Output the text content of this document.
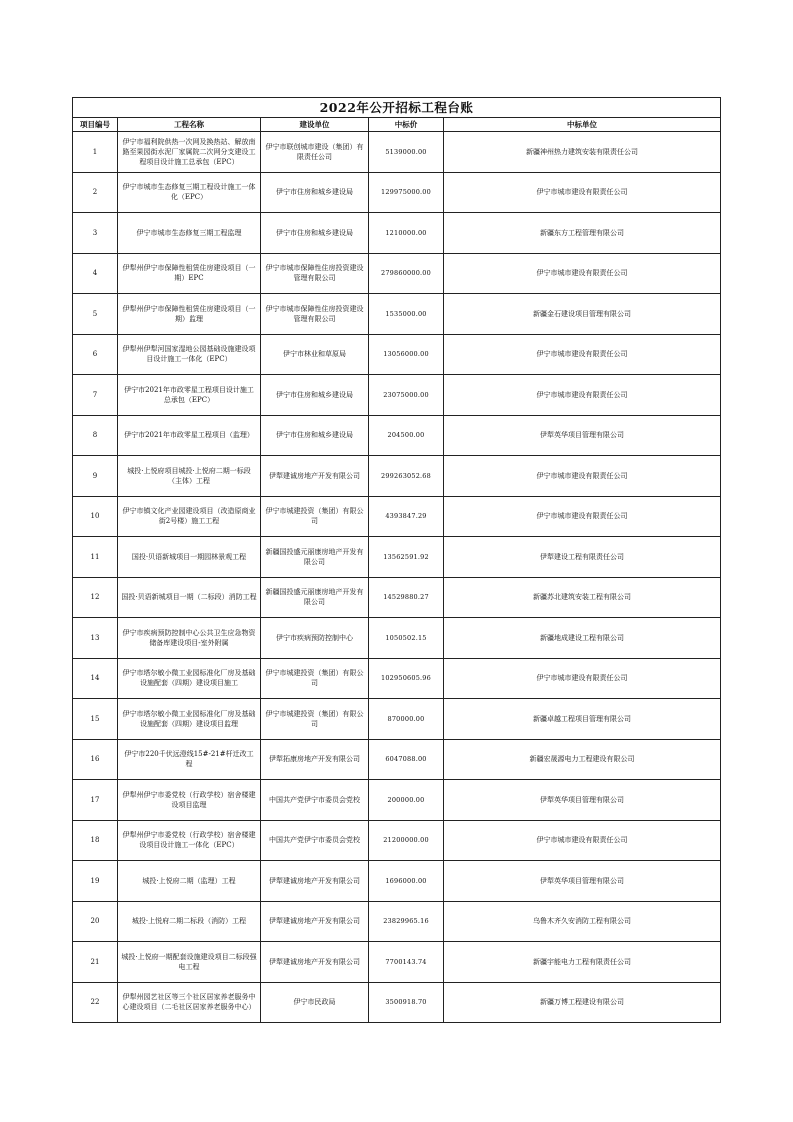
2022年公开招标工程台账				
项目编号	工程名称	建设单位	中标价	中标单位
1	伊宁市福利院供热一次网及换热站、解放南路至果园街水泥厂家属院二次网分支建设工程项目设计施工总承包（EPC）	伊宁市联创城市建设（集团）有限责任公司	5139000.00	新疆神州热力建筑安装有限责任公司
2	伊宁市城市生态修复三期工程设计施工一体化（EPC）	伊宁市住房和城乡建设局	129975000.00	伊宁市城市建设有限责任公司
3	伊宁市城市生态修复三期工程监理	伊宁市住房和城乡建设局	1210000.00	新疆东方工程管理有限公司
4	伊犁州伊宁市保障性租赁住房建设项目（一期）EPC	伊宁市城市保障性住房投资建设管理有限公司	279860000.00	伊宁市城市建设有限责任公司
5	伊犁州伊宁市保障性租赁住房建设项目（一期）监理	伊宁市城市保障性住房投资建设管理有限公司	1535000.00	新疆金石建设项目管理有限公司
6	伊犁州伊犁河国家湿地公园基础设施建设项目设计施工一体化（EPC）	伊宁市林业和草原局	13056000.00	伊宁市城市建设有限责任公司
7	伊宁市2021年市政零星工程项目设计施工总承包（EPC）	伊宁市住房和城乡建设局	23075000.00	伊宁市城市建设有限责任公司
8	伊宁市2021年市政零星工程项目（监理）	伊宁市住房和城乡建设局	204500.00	伊犁英华项目管理有限公司
9	城投·上悦府项目城投·上悦府二期一标段（主体）工程	伊犁建诚房地产开发有限公司	299263052.68	伊宁市城市建设有限责任公司
10	伊宁市镇文化产业园建设项目（改造原商业街2号楼）施工工程	伊宁市城建投资（集团）有限公司	4393847.29	伊宁市城市建设有限责任公司
11	国投·贝语新城项目一期园林景观工程	新疆国投盛元丽康房地产开发有限公司	13562591.92	伊犁建设工程有限责任公司
12	国投·贝语新城项目一期（二标段）消防工程	新疆国投盛元丽康房地产开发有限公司	14529880.27	新疆苏北建筑安装工程有限公司
13	伊宁市疾病预防控制中心公共卫生应急物资储备库建设项目-室外附属	伊宁市疾病预防控制中心	1050502.15	新疆地成建设工程有限公司
14	伊宁市塔尔敏小微工业园标准化厂房及基础设施配套（四期）建设项目施工	伊宁市城建投资（集团）有限公司	102950605.96	伊宁市城市建设有限责任公司
15	伊宁市塔尔敏小微工业园标准化厂房及基础设施配套（四期）建设项目监理	伊宁市城建投资（集团）有限公司	870000.00	新疆卓越工程项目管理有限公司
16	伊宁市220千伏远澄线15#-21#杆迁改工程	伊犁拓康房地产开发有限公司	6047088.00	新疆宏晟源电力工程建设有限公司
17	伊犁州伊宁市委党校（行政学校）宿舍楼建设项目监理	中国共产党伊宁市委员会党校	200000.00	伊犁英华项目管理有限公司
18	伊犁州伊宁市委党校（行政学校）宿舍楼建设项目设计施工一体化（EPC）	中国共产党伊宁市委员会党校	21200000.00	伊宁市城市建设有限责任公司
19	城投·上悦府二期（监理）工程	伊犁建诚房地产开发有限公司	1696000.00	伊犁英华项目管理有限公司
20	城投·上悦府二期二标段（消防）工程	伊犁建诚房地产开发有限公司	23829965.16	乌鲁木齐久安消防工程有限公司
21	城投·上悦府一期配套设施建设项目二标段强电工程	伊犁建诚房地产开发有限公司	7700143.74	新疆宇能电力工程有限责任公司
22	伊犁州园艺社区等三个社区居家养老服务中心建设项目（二毛社区居家养老服务中心）	伊宁市民政局	3500918.70	新疆万博工程建设有限公司
